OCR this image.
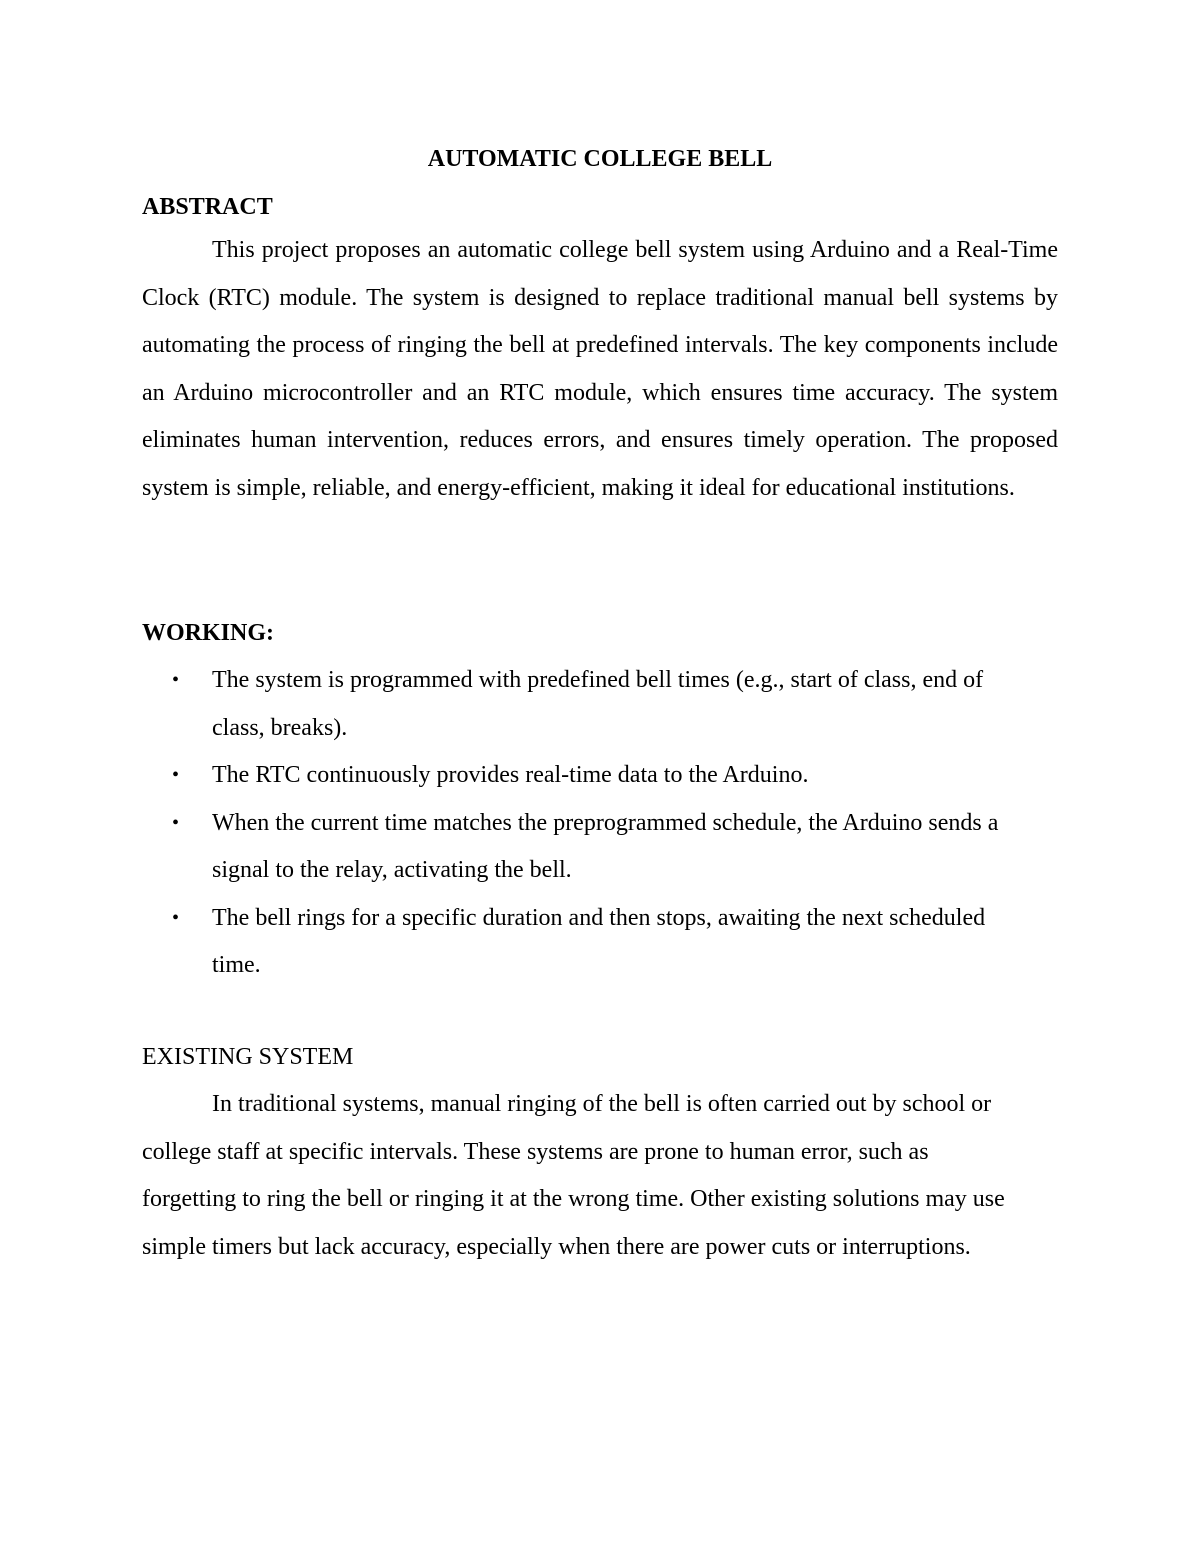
AUTOMATIC COLLEGE BELL
ABSTRACT

This project proposes an automatic college bell system using Arduino and a Real-Time Clock (RTC) module. The system is designed to replace traditional manual bell systems by automating the process of ringing the bell at predefined intervals. The key components include an Arduino microcontroller and an RTC module, which ensures time accuracy. The system eliminates human intervention, reduces errors, and ensures timely operation. The proposed system is simple, reliable, and energy-efficient, making it ideal for educational institutions.

WORKING:
• The system is programmed with predefined bell times (e.g., start of class, end of class, breaks).
• The RTC continuously provides real-time data to the Arduino.
• When the current time matches the preprogrammed schedule, the Arduino sends a signal to the relay, activating the bell.
• The bell rings for a specific duration and then stops, awaiting the next scheduled time.
EXISTING SYSTEM

In traditional systems, manual ringing of the bell is often carried out by school or college staff at specific intervals. These systems are prone to human error, such as forgetting to ring the bell or ringing it at the wrong time. Other existing solutions may use simple timers but lack accuracy, especially when there are power cuts or interruptions.
